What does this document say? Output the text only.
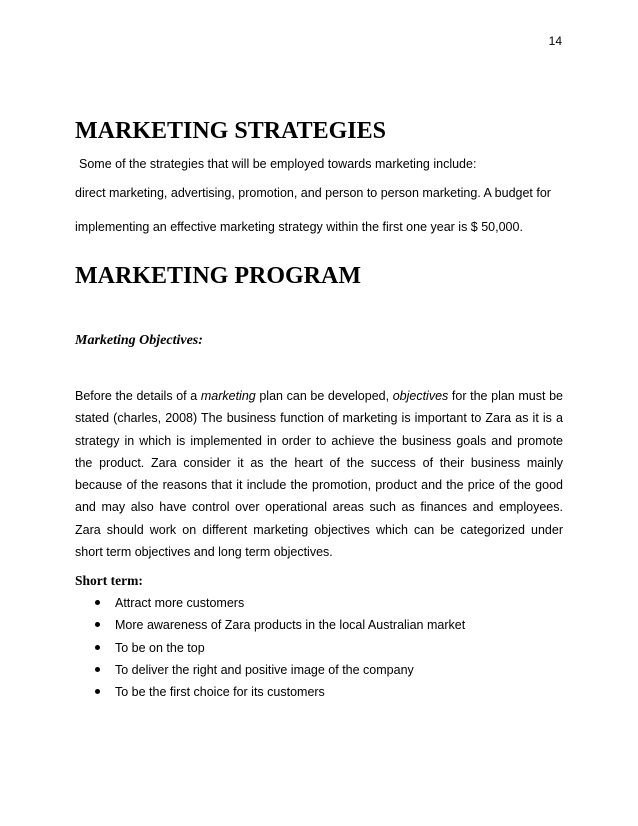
14
MARKETING STRATEGIES

Some of the strategies that will be employed towards marketing include:

direct marketing, advertising, promotion, and person to person marketing. A budget for

implementing an effective marketing strategy within the first one year is $ 50,000.

MARKETING PROGRAM

Marketing Objectives:

Before the details of a marketing plan can be developed, objectives for the plan must be stated (charles, 2008) The business function of marketing is important to Zara as it is a strategy in which is implemented in order to achieve the business goals and promote the product. Zara consider it as the heart of the success of their business mainly because of the reasons that it include the promotion, product and the price of the good and may also have control over operational areas such as finances and employees. Zara should work on different marketing objectives which can be categorized under short term objectives and long term objectives.

Short term:

Attract more customers
More awareness of Zara products in the local Australian market
To be on the top
To deliver the right and positive image of the company
To be the first choice for its customers
